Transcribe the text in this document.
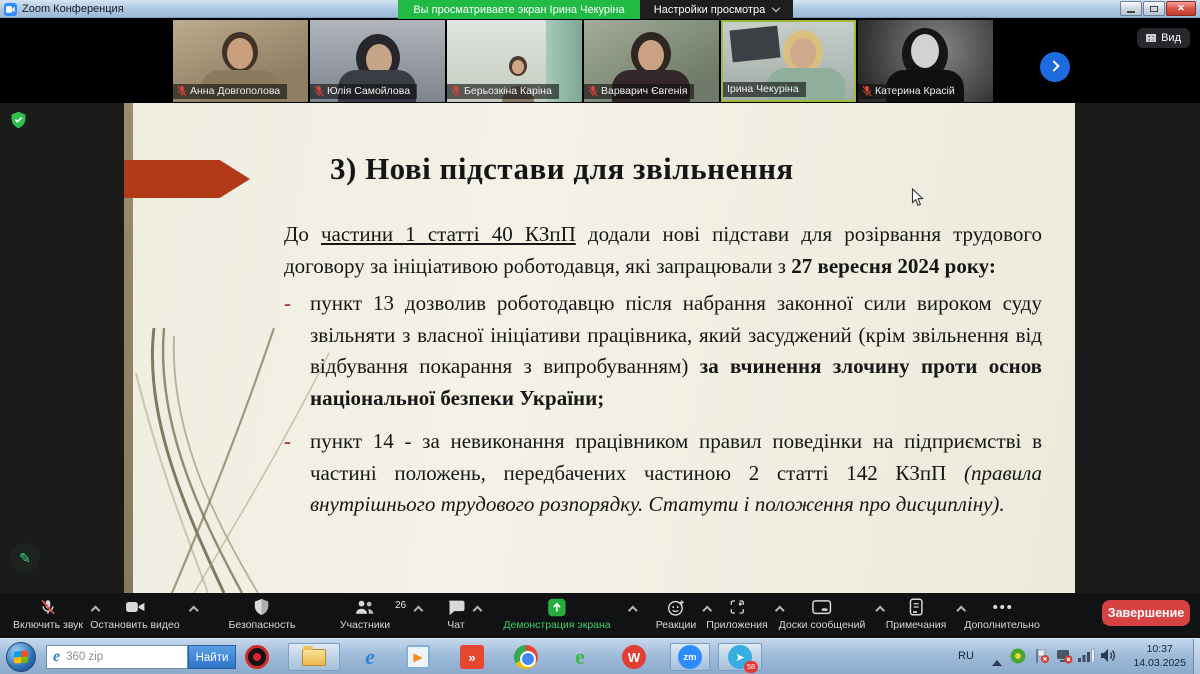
Zoom Конференция	Вы просматриваете экран Ірина Чекуріна	Настройки просмотра	✕
Анна Довгополова	Юлія Самойлова	Берьозкіна Каріна	Варварич Євгенія	Ірина Чекуріна	Катерина Красій
Вид
3) Нові підстави для звільнення

До частини 1 статті 40 КЗпП додали нові підстави для розірвання трудового договору за ініціативою роботодавця, які запрацювали з 27 вересня 2024 року:

- пункт 13 дозволив роботодавцю після набрання законної сили вироком суду звільняти з власної ініціативи працівника, який засуджений (крім звільнення від відбування покарання з випробуванням) за вчинення злочину проти основ національної безпеки України;

- пункт 14 - за невиконання працівником правил поведінки на підприємстві в частині положень, передбачених частиною 2 статті 142 КЗпП (правила внутрішнього трудового розпорядку. Статути і положення про дисципліну).

✎
Включить звук Остановить видео	Безопасность
26
Участники	Чат	Демонстрация экрана	Реакции Приложения Доски сообщений Примечания Дополнительно
Завершение
e 360 zip	Найти	e	▶	»	e	W	zm	➤
58
RU
10:37
14.03.2025
